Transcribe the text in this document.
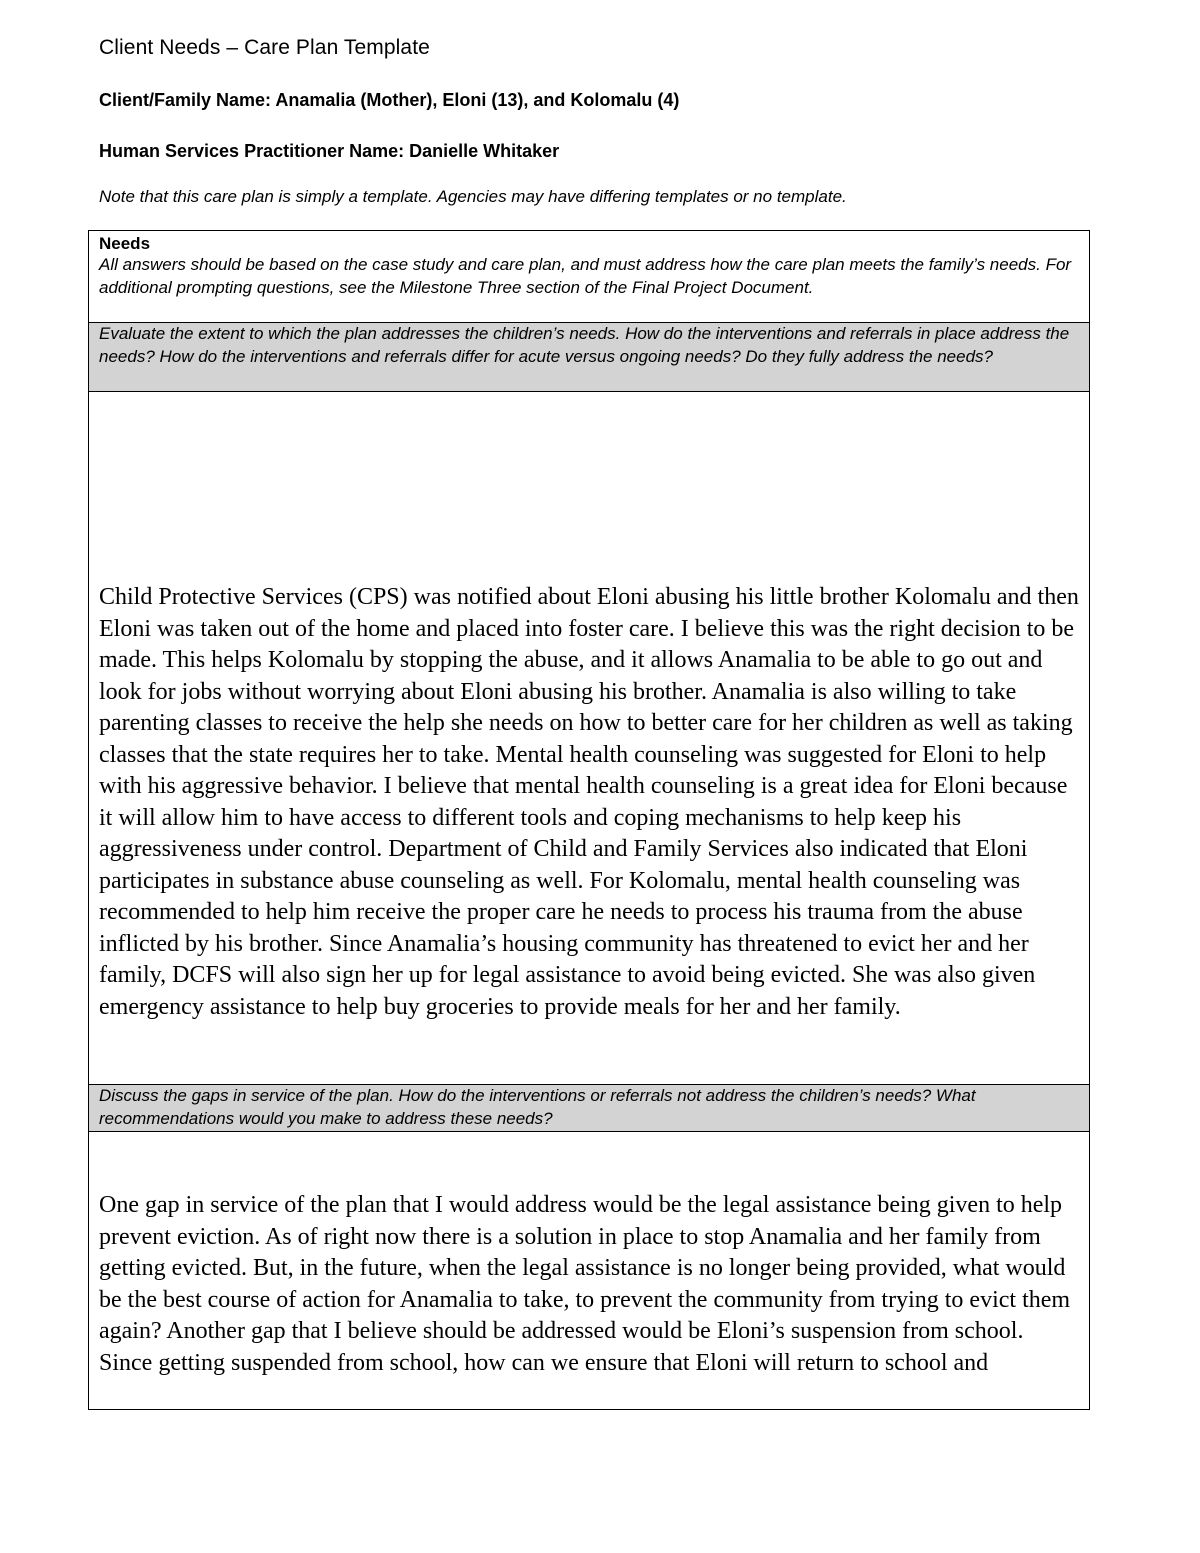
Client Needs – Care Plan Template
Client/Family Name: Anamalia (Mother), Eloni (13), and Kolomalu (4)
Human Services Practitioner Name: Danielle Whitaker
Note that this care plan is simply a template. Agencies may have differing templates or no template.
Needs
All answers should be based on the case study and care plan, and must address how the care plan meets the family’s needs. For additional prompting questions, see the Milestone Three section of the Final Project Document.
Evaluate the extent to which the plan addresses the children’s needs. How do the interventions and referrals in place address the needs? How do the interventions and referrals differ for acute versus ongoing needs? Do they fully address the needs?
Child Protective Services (CPS) was notified about Eloni abusing his little brother Kolomalu and then Eloni was taken out of the home and placed into foster care. I believe this was the right decision to be made. This helps Kolomalu by stopping the abuse, and it allows Anamalia to be able to go out and look for jobs without worrying about Eloni abusing his brother. Anamalia is also willing to take parenting classes to receive the help she needs on how to better care for her children as well as taking classes that the state requires her to take. Mental health counseling was suggested for Eloni to help with his aggressive behavior. I believe that mental health counseling is a great idea for Eloni because it will allow him to have access to different tools and coping mechanisms to help keep his aggressiveness under control. Department of Child and Family Services also indicated that Eloni participates in substance abuse counseling as well. For Kolomalu, mental health counseling was recommended to help him receive the proper care he needs to process his trauma from the abuse inflicted by his brother. Since Anamalia’s housing community has threatened to evict her and her family, DCFS will also sign her up for legal assistance to avoid being evicted. She was also given emergency assistance to help buy groceries to provide meals for her and her family.
Discuss the gaps in service of the plan. How do the interventions or referrals not address the children’s needs? What recommendations would you make to address these needs?
One gap in service of the plan that I would address would be the legal assistance being given to help prevent eviction. As of right now there is a solution in place to stop Anamalia and her family from getting evicted. But, in the future, when the legal assistance is no longer being provided, what would be the best course of action for Anamalia to take, to prevent the community from trying to evict them again? Another gap that I believe should be addressed would be Eloni’s suspension from school. Since getting suspended from school, how can we ensure that Eloni will return to school and
